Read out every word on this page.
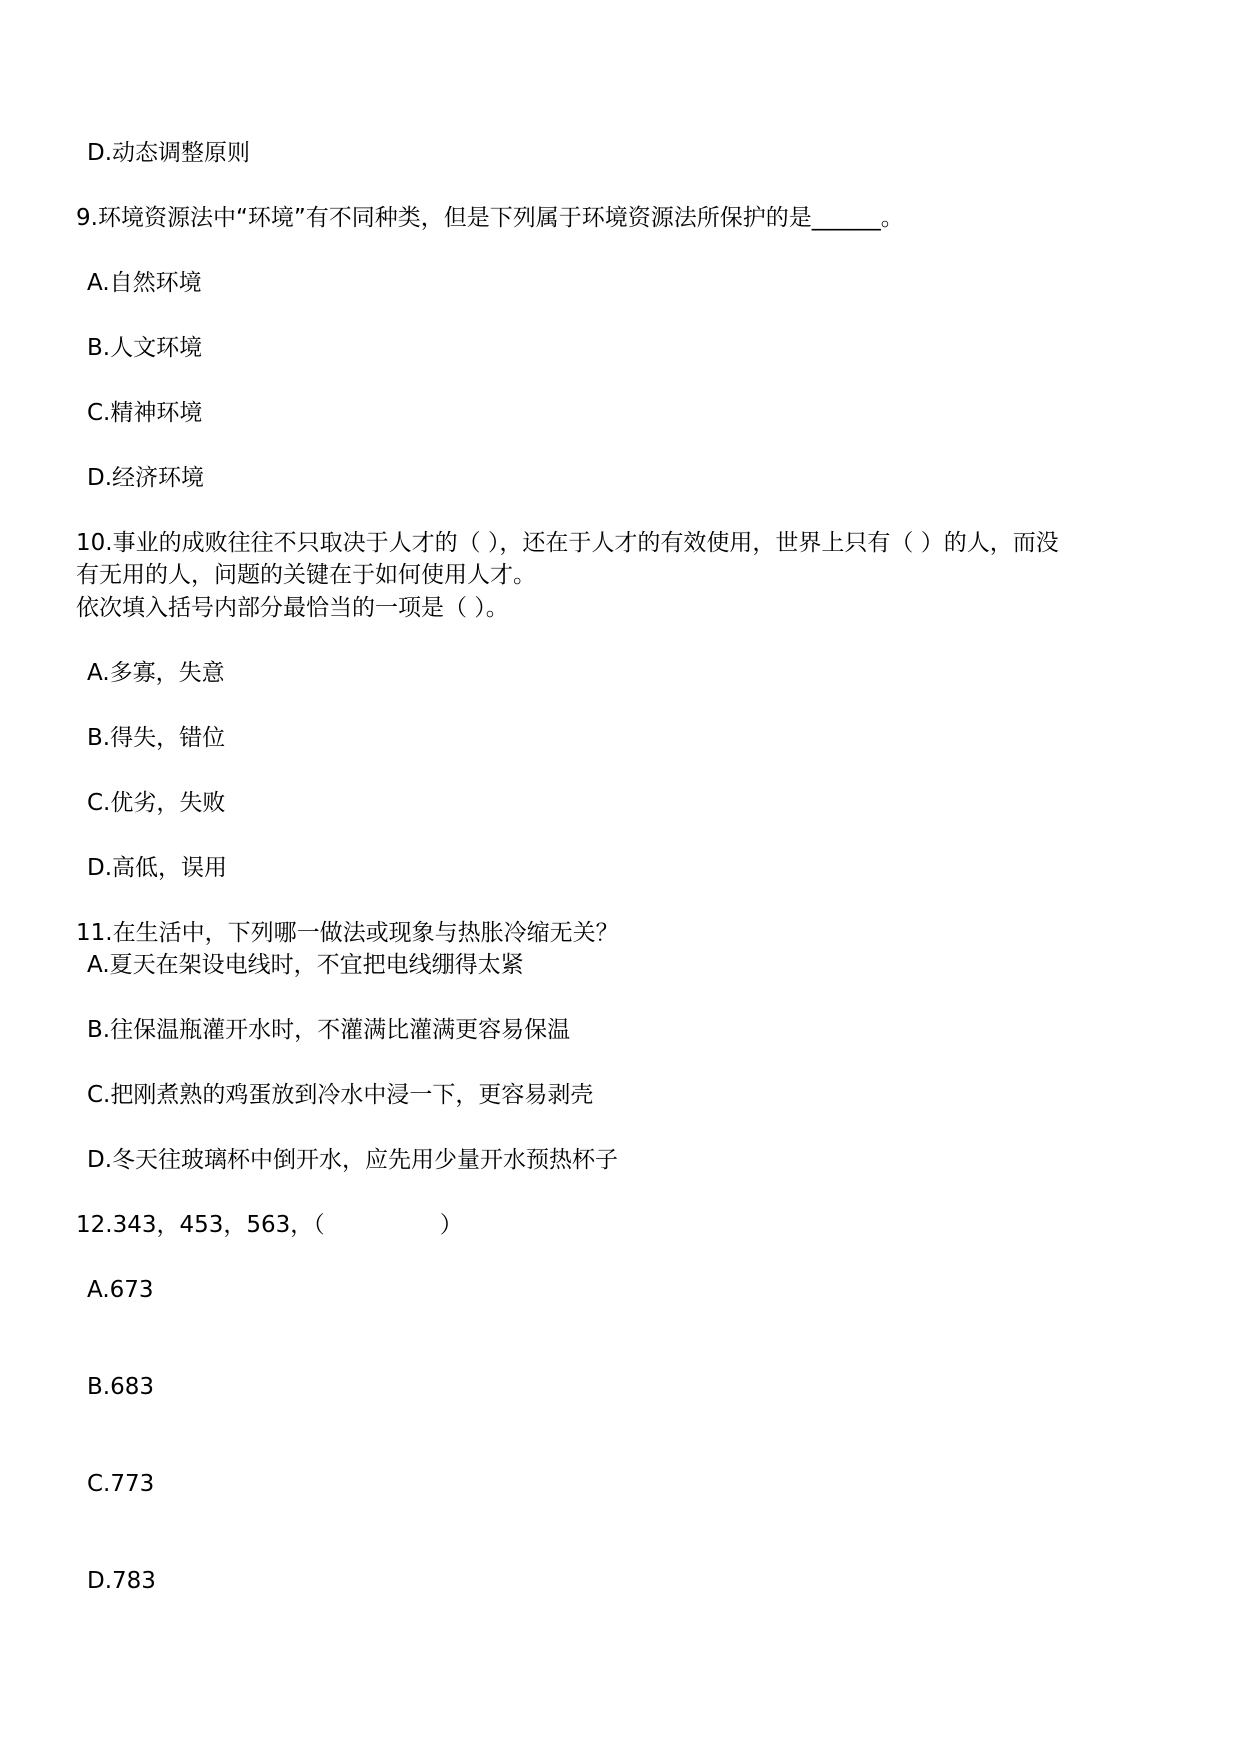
D.动态调整原则
9.环境资源法中“环境”有不同种类，但是下列属于环境资源法所保护的是______。
A.自然环境
B.人文环境
C.精神环境
D.经济环境
10.事业的成败往往不只取决于人才的（ ），还在于人才的有效使用，世界上只有（ ）的人，而没
有无用的人，问题的关键在于如何使用人才。
依次填入括号内部分最恰当的一项是（ ）。
A.多寡，失意
B.得失，错位
C.优劣，失败
D.高低，误用
11.在生活中，下列哪一做法或现象与热胀冷缩无关？
A.夏天在架设电线时，不宜把电线绷得太紧
B.往保温瓶灌开水时，不灌满比灌满更容易保温
C.把刚煮熟的鸡蛋放到冷水中浸一下，更容易剥壳
D.冬天往玻璃杯中倒开水，应先用少量开水预热杯子
12.343，453，563，（　　　　　）
A.673
B.683
C.773
D.783
